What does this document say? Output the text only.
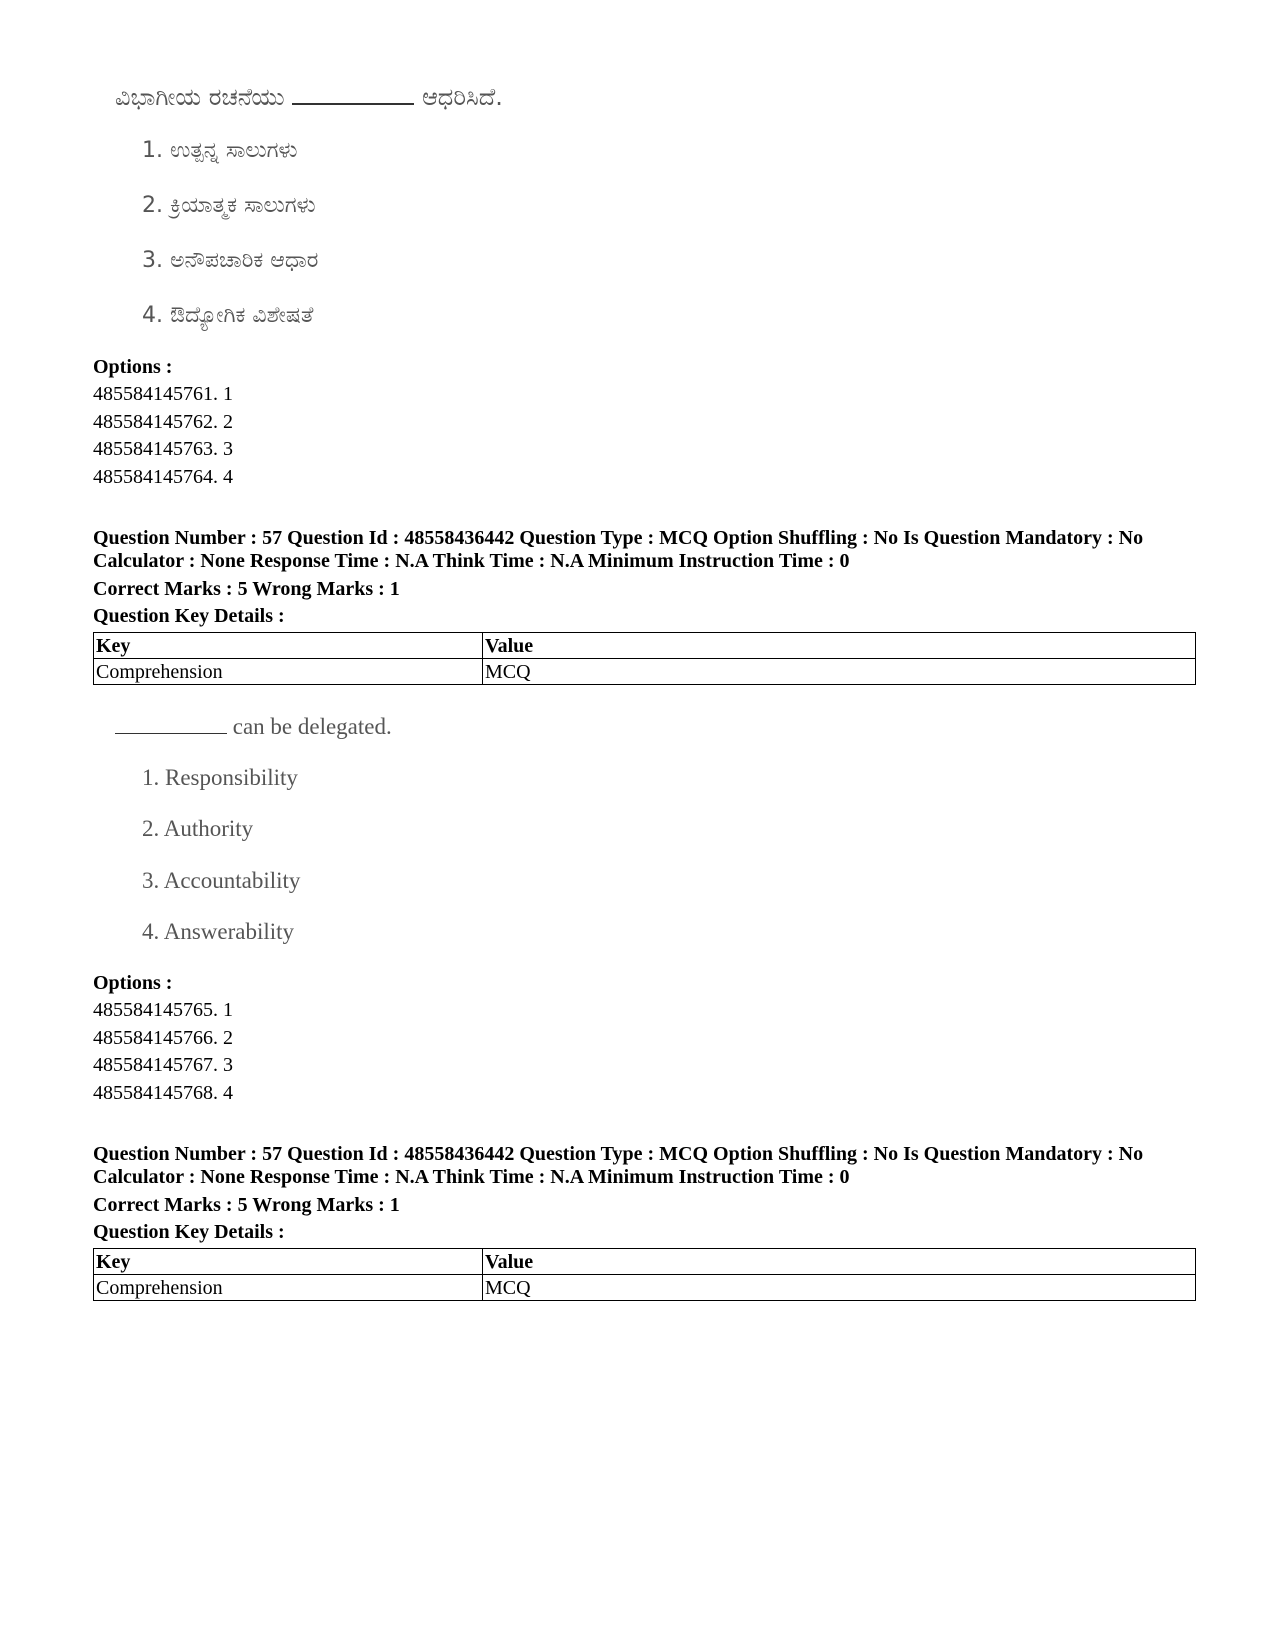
ವಿಭಾಗೀಯ ರಚನೆಯು	ಆಧರಿಸಿದೆ.
1. ಉತ್ಪನ್ನ ಸಾಲುಗಳು
2. ಕ್ರಿಯಾತ್ಮಕ ಸಾಲುಗಳು
3. ಅನೌಪಚಾರಿಕ ಆಧಾರ
4. ಔದ್ಯೋಗಿಕ ವಿಶೇಷತೆ
Options :
485584145761. 1
485584145762. 2
485584145763. 3
485584145764. 4
Question Number : 57 Question Id : 48558436442 Question Type : MCQ Option Shuffling : No Is Question Mandatory : No Calculator : None Response Time : N.A Think Time : N.A Minimum Instruction Time : 0
Correct Marks : 5 Wrong Marks : 1
Question Key Details :
Key	Value
Comprehension	MCQ
can be delegated.
1. Responsibility
2. Authority
3. Accountability
4. Answerability
Options :
485584145765. 1
485584145766. 2
485584145767. 3
485584145768. 4
Question Number : 57 Question Id : 48558436442 Question Type : MCQ Option Shuffling : No Is Question Mandatory : No Calculator : None Response Time : N.A Think Time : N.A Minimum Instruction Time : 0
Correct Marks : 5 Wrong Marks : 1
Question Key Details :
Key	Value
Comprehension	MCQ
